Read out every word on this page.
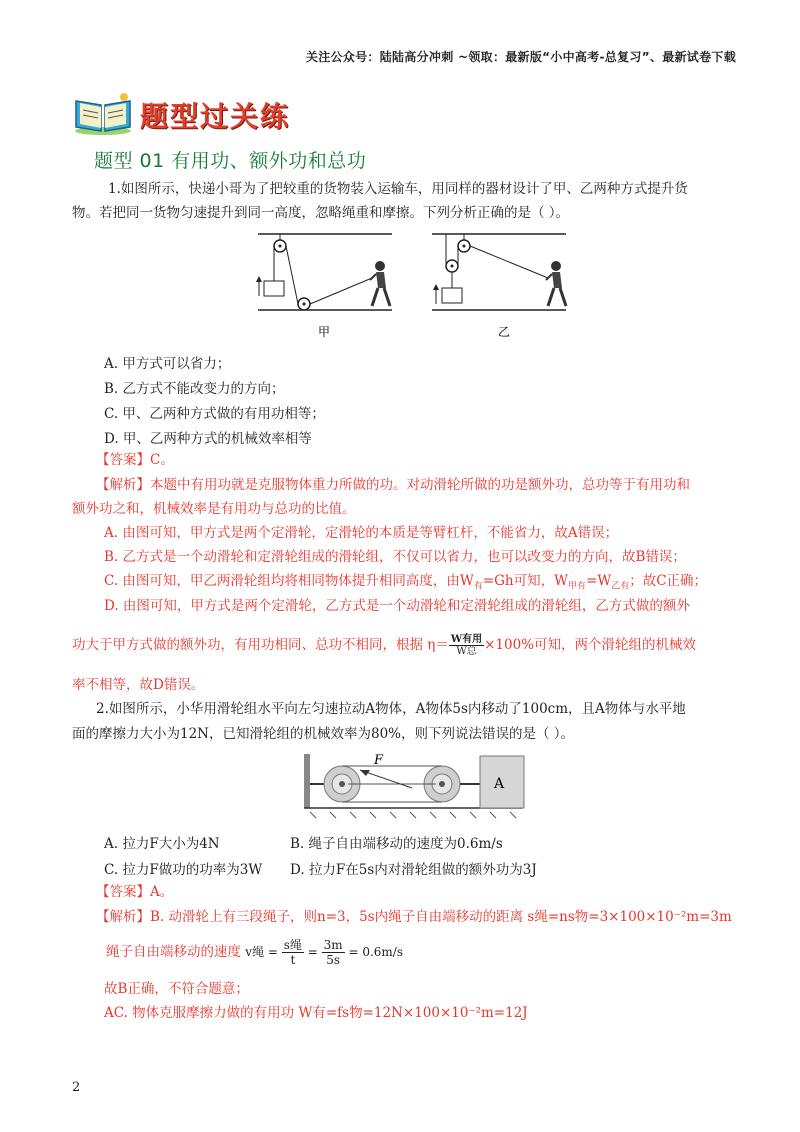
关注公众号：陆陆高分冲刺 ~领取：最新版“小中高考-总复习”、最新试卷下载
题型过关练
题型 01 有用功、额外功和总功
1.如图所示，快递小哥为了把较重的货物装入运输车，用同样的器材设计了甲、乙两种方式提升货
物。若把同一货物匀速提升到同一高度，忽略绳重和摩擦。下列分析正确的是（ ）。
甲	乙
A. 甲方式可以省力；
B. 乙方式不能改变力的方向；
C. 甲、乙两种方式做的有用功相等；
D. 甲、乙两种方式的机械效率相等
【答案】C。
【解析】本题中有用功就是克服物体重力所做的功。对动滑轮所做的功是额外功，总功等于有用功和
额外功之和，机械效率是有用功与总功的比值。
A. 由图可知，甲方式是两个定滑轮，定滑轮的本质是等臂杠杆，不能省力，故A错误；
B. 乙方式是一个动滑轮和定滑轮组成的滑轮组，不仅可以省力，也可以改变力的方向，故B错误；
C. 由图可知，甲乙两滑轮组均将相同物体提升相同高度，由$W_有=Gh$可知，$W_{甲有}=W_{乙有}$；故C正确；
D. 由图可知，甲方式是两个定滑轮，乙方式是一个动滑轮和定滑轮组成的滑轮组，乙方式做的额外
功大于甲方式做的额外功，有用功相同、总功不相同，根据 $\eta= \frac{\text{W有用}}{\text{W总}} \times 100\%$可知，两个滑轮组的机械效
率不相等，故D错误。
2.如图所示，小华用滑轮组水平向左匀速拉动A物体，A物体5s内移动了100cm，且A物体与水平地
面的摩擦力大小为12N，已知滑轮组的机械效率为80%，则下列说法错误的是（ ）。
F
A
A. 拉力F大小为4N	B. 绳子自由端移动的速度为0.6m/s
C. 拉力F做功的功率为3W D. 拉力F在5s内对滑轮组做的额外功为3J
【答案】A。
【解析】B. 动滑轮上有三段绳子，则n=3，5s内绳子自由端移动的距离 s绳=ns物=3×100×10⁻²m=3m
绳子自由端移动的速度 v绳 = s绳
t
= $\frac{3m}{5s} = 0.6m/s$
故B正确，不符合题意；
AC. 物体克服摩擦力做的有用功 W有=fs物=12N×100×10⁻²m=12J
2
